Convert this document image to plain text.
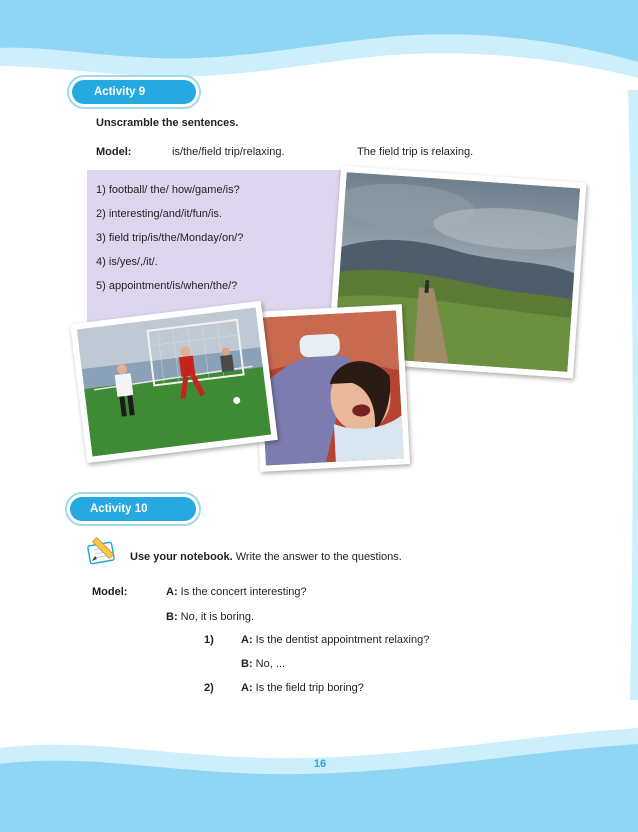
Activity 9
Unscramble the sentences.
Model:	is/the/field trip/relaxing.	The field trip is relaxing.
1) football/ the/ how/game/is?
2) interesting/and/it/fun/is.
3) field trip/is/the/Monday/on/?
4) is/yes/,/it/.
5) appointment/is/when/the/?
Activity 10
Use your notebook. Write the answer to the questions.
Model:	A: Is the concert interesting?
B: No, it is boring.
1) A: Is the dentist appointment relaxing?
B: No, ...
2) A: Is the field trip boring?
16
